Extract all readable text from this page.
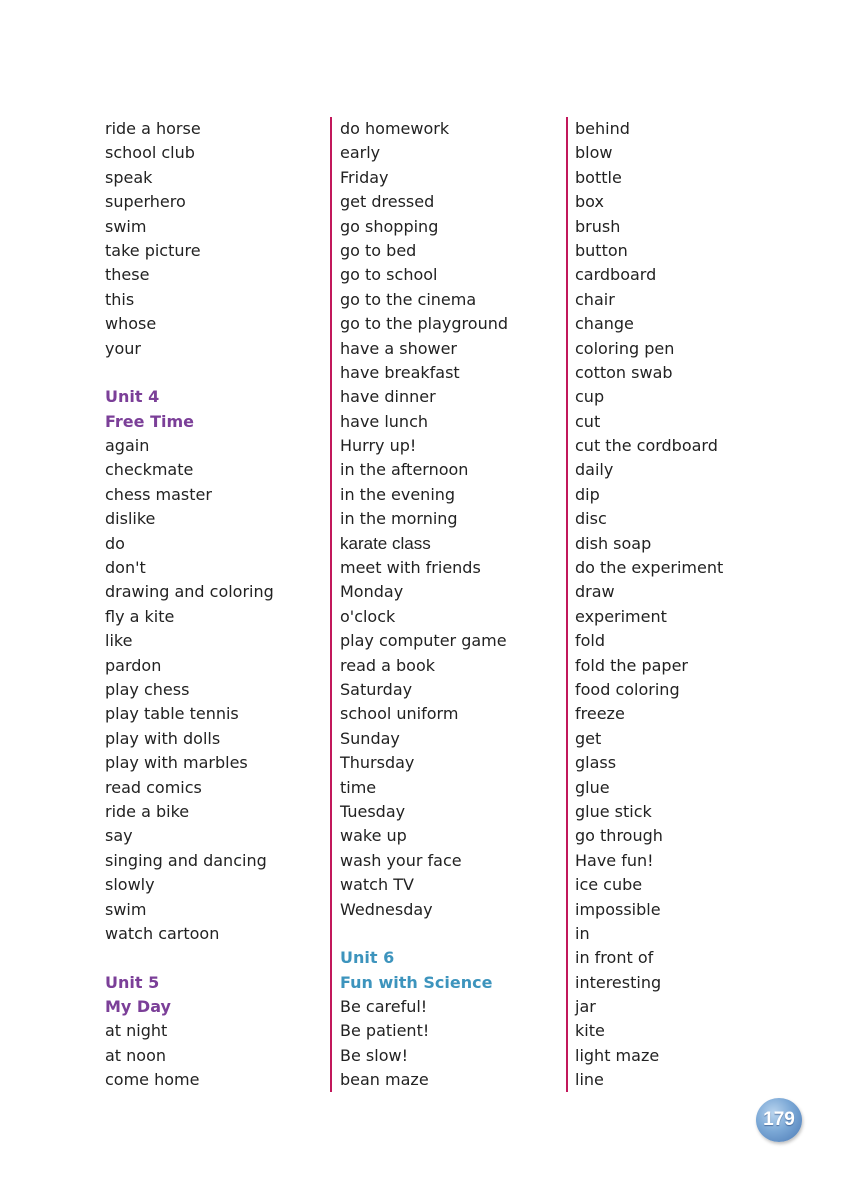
ride a horse
school club
speak
superhero
swim
take picture
these
this
whose
your
Unit 4
Free Time
again
checkmate
chess master
dislike
do
don't
drawing and coloring
fly a kite
like
pardon
play chess
play table tennis
play with dolls
play with marbles
read comics
ride a bike
say
singing and dancing
slowly
swim
watch cartoon
Unit 5
My Day
at night
at noon
come home
do homework
early
Friday
get dressed
go shopping
go to bed
go to school
go to the cinema
go to the playground
have a shower
have breakfast
have dinner
have lunch
Hurry up!
in the afternoon
in the evening
in the morning
karate class
meet with friends
Monday
o'clock
play computer game
read a book
Saturday
school uniform
Sunday
Thursday
time
Tuesday
wake up
wash your face
watch TV
Wednesday
Unit 6
Fun with Science
Be careful!
Be patient!
Be slow!
bean maze
behind
blow
bottle
box
brush
button
cardboard
chair
change
coloring pen
cotton swab
cup
cut
cut the cordboard
daily
dip
disc
dish soap
do the experiment
draw
experiment
fold
fold the paper
food coloring
freeze
get
glass
glue
glue stick
go through
Have fun!
ice cube
impossible
in
in front of
interesting
jar
kite
light maze
line
179
